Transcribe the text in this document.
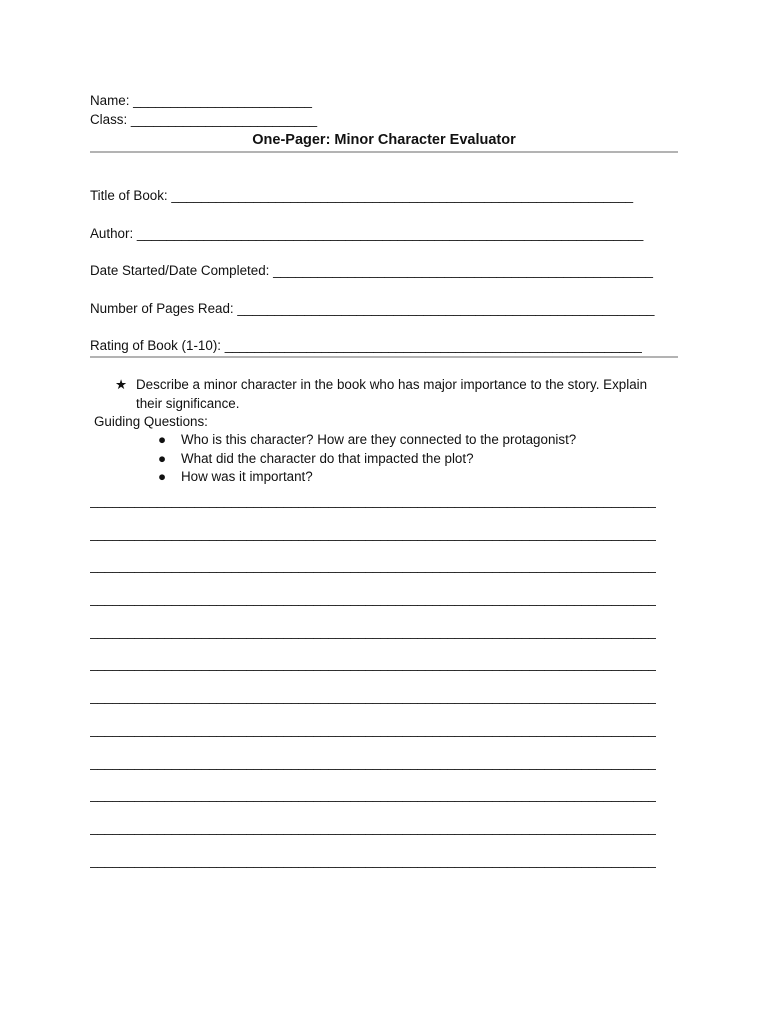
Name: ________________________
Class: _________________________
One-Pager: Minor Character Evaluator
Title of Book: ______________________________________________________________
Author: ____________________________________________________________________
Date Started/Date Completed: ___________________________________________________
Number of Pages Read: ________________________________________________________
Rating of Book (1-10): ________________________________________________________
★ Describe a minor character in the book who has major importance to the story. Explain their significance.
Guiding Questions:
● Who is this character? How are they connected to the protagonist?
● What did the character do that impacted the plot?
● How was it important?
____________________________________________________________________________
____________________________________________________________________________
____________________________________________________________________________
____________________________________________________________________________
____________________________________________________________________________
____________________________________________________________________________
____________________________________________________________________________
____________________________________________________________________________
____________________________________________________________________________
____________________________________________________________________________
____________________________________________________________________________
____________________________________________________________________________
